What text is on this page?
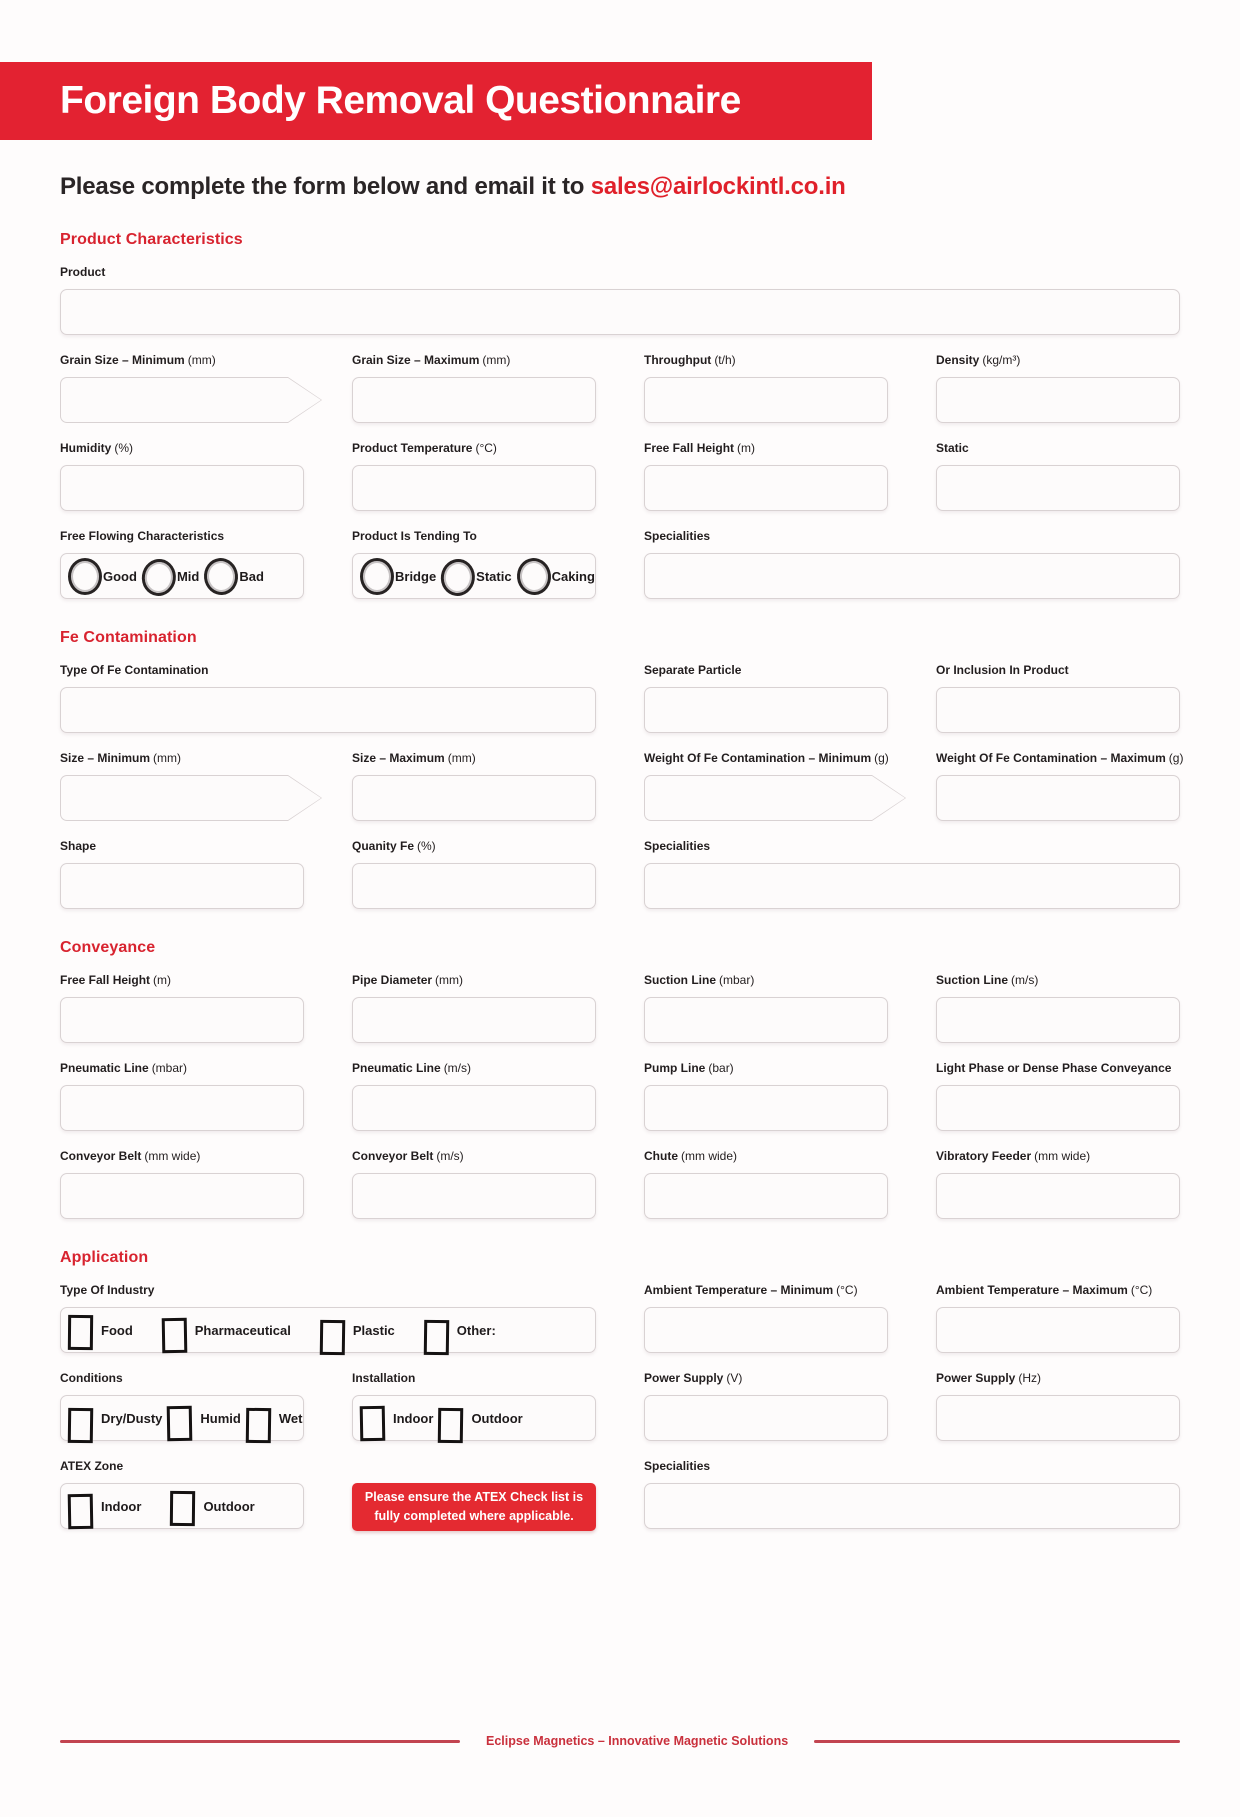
Foreign Body Removal Questionnaire
Please complete the form below and email it to sales@airlockintl.co.in
Product Characteristics
Product
Grain Size – Minimum (mm)	Grain Size – Maximum (mm)	Throughput (t/h)	Density (kg/m³)
Humidity (%)	Product Temperature (°C)	Free Fall Height (m)	Static
Free Flowing Characteristics
Good	Mid	Bad
Product Is Tending To
Bridge	Static	Caking
Specialities
Fe Contamination
Type Of Fe Contamination	Separate Particle	Or Inclusion In Product
Size – Minimum (mm)	Size – Maximum (mm)	Weight Of Fe Contamination – Minimum (g)	Weight Of Fe Contamination – Maximum (g)
Shape	Quanity Fe (%)	Specialities
Conveyance
Free Fall Height (m)	Pipe Diameter (mm)	Suction Line (mbar)	Suction Line (m/s)
Pneumatic Line (mbar)	Pneumatic Line (m/s)	Pump Line (bar)	Light Phase or Dense Phase Conveyance
Conveyor Belt (mm wide)	Conveyor Belt (m/s)	Chute (mm wide)	Vibratory Feeder (mm wide)
Application
Type Of Industry
Food	Pharmaceutical	Plastic	Other:
Ambient Temperature – Minimum (°C)	Ambient Temperature – Maximum (°C)
Conditions
Dry/Dusty	Humid	Wet
Installation
Indoor	Outdoor
Power Supply (V)	Power Supply (Hz)
ATEX Zone
Indoor	Outdoor
Please ensure the ATEX Check list is
fully completed where applicable.
Specialities
Eclipse Magnetics – Innovative Magnetic Solutions
